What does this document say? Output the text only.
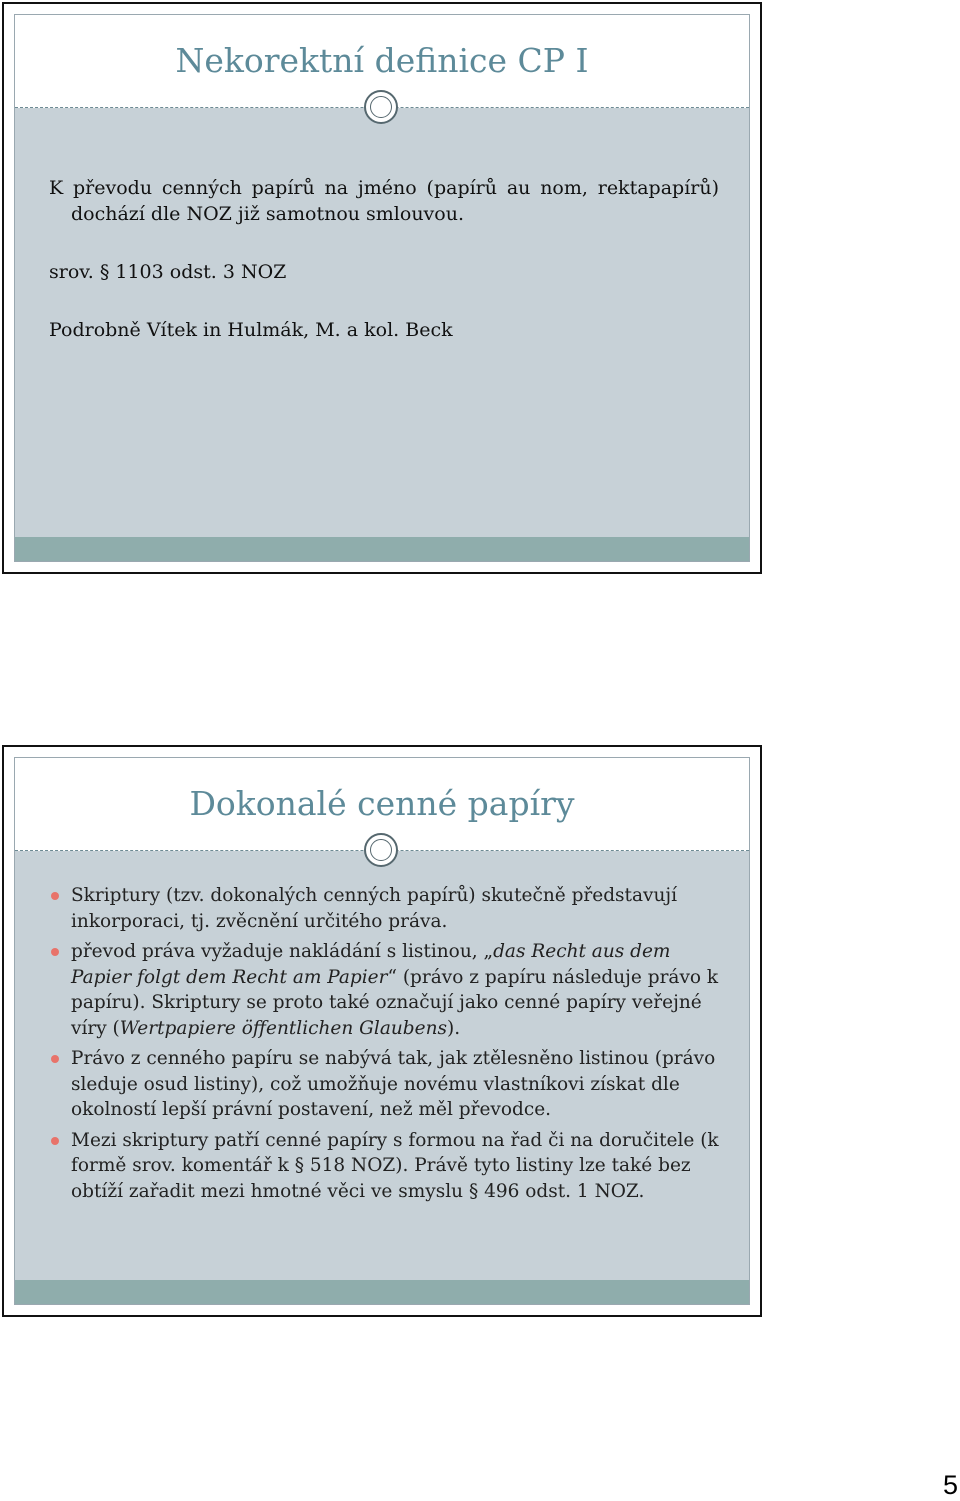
Nekorektní definice CP I

K převodu cenných papírů na jméno (papírů au nom, rektapapírů) dochází dle NOZ již samotnou smlouvou.

srov. § 1103 odst. 3 NOZ

Podrobně Vítek in Hulmák, M. a kol. Beck

Dokonalé cenné papíry
Skriptury (tzv. dokonalých cenných papírů) skutečně představují inkorporaci, tj. zvěcnění určitého práva.
převod práva vyžaduje nakládání s listinou, „das Recht aus dem Papier folgt dem Recht am Papier“ (právo z papíru následuje právo k papíru). Skriptury se proto také označují jako cenné papíry veřejné víry (Wertpapiere öffentlichen Glaubens).
Právo z cenného papíru se nabývá tak, jak ztělesněno listinou (právo sleduje osud listiny), což umožňuje novému vlastníkovi získat dle okolností lepší právní postavení, než měl převodce.
Mezi skriptury patří cenné papíry s formou na řad či na doručitele (k formě srov. komentář k § 518 NOZ). Právě tyto listiny lze také bez obtíží zařadit mezi hmotné věci ve smyslu § 496 odst. 1 NOZ.
5
